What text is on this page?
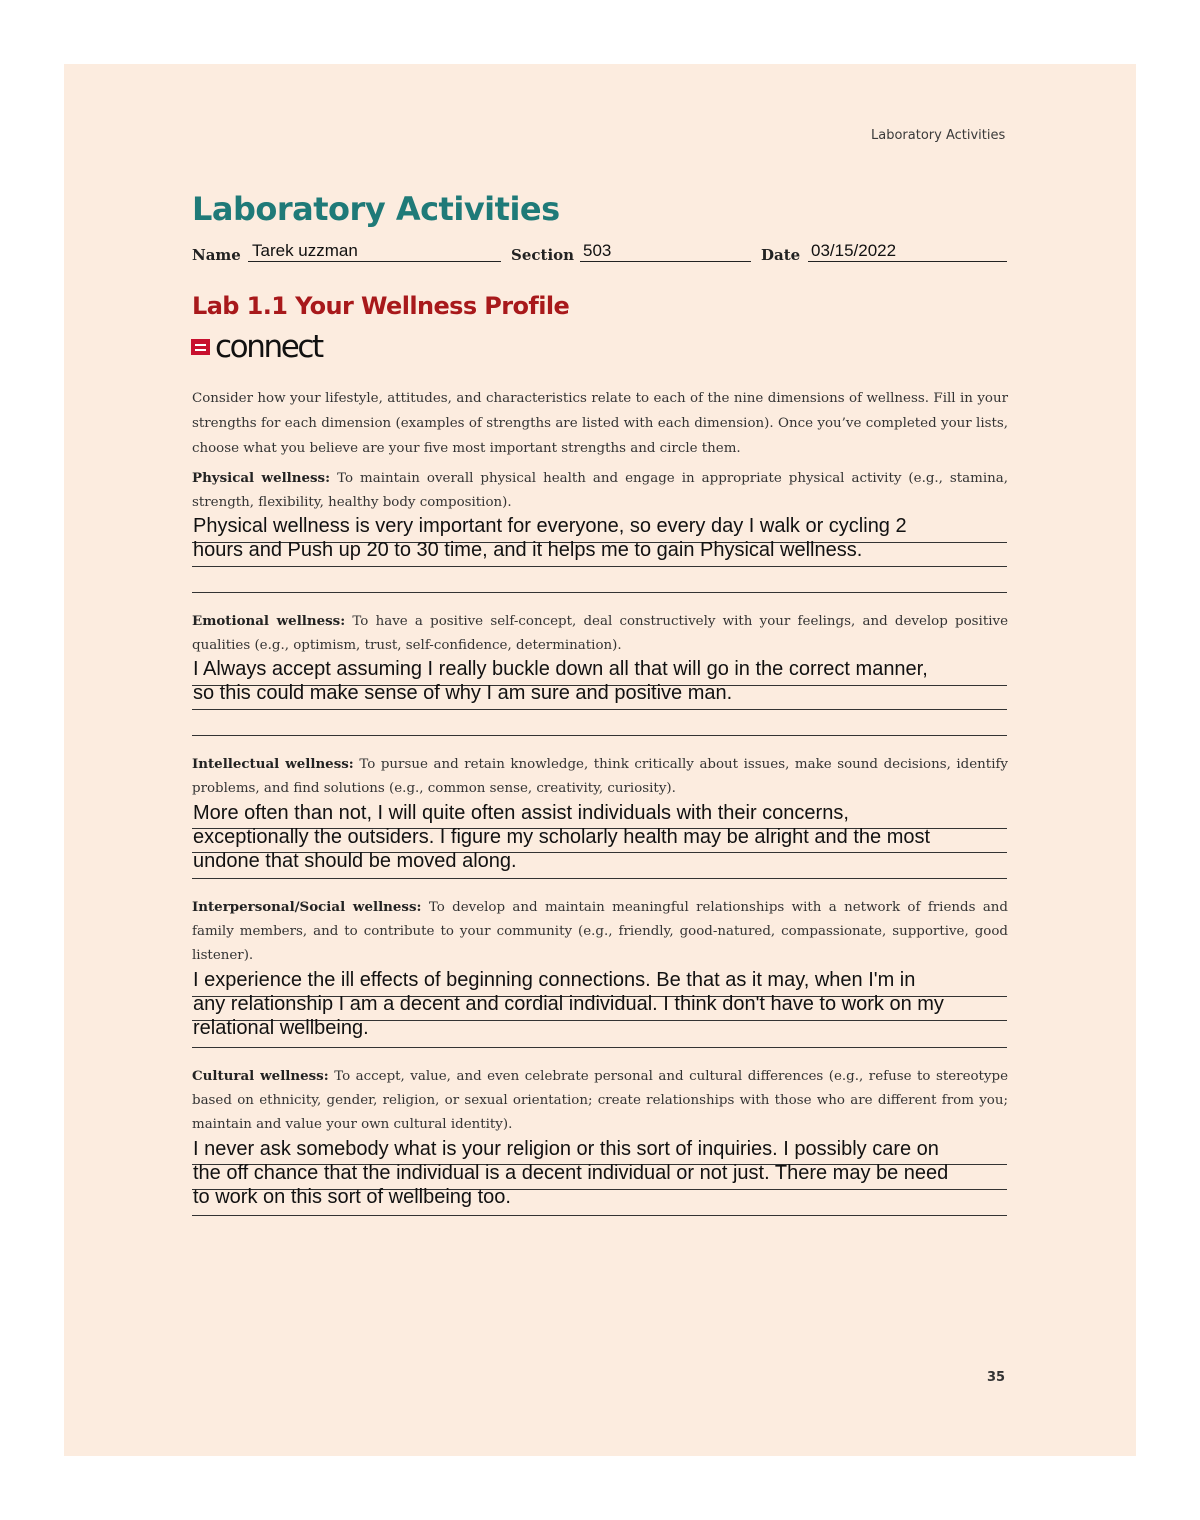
Laboratory Activities
Laboratory Activities
Name Tarek uzzman	Section 503	Date 03/15/2022
Lab 1.1 Your Wellness Profile
connect
Consider how your lifestyle, attitudes, and characteristics relate to each of the nine dimensions of wellness. Fill in your strengths for each dimension (examples of strengths are listed with each dimension). Once you’ve completed your lists, choose what you believe are your five most important strengths and circle them.
Physical wellness: To maintain overall physical health and engage in appropriate physical activity (e.g., stamina, strength, flexibility, healthy body composition).
Physical wellness is very important for everyone, so every day I walk or cycling 2
hours and Push up 20 to 30 time, and it helps me to gain Physical wellness.
Emotional wellness: To have a positive self-concept, deal constructively with your feelings, and develop positive qualities (e.g., optimism, trust, self-confidence, determination).
I Always accept assuming I really buckle down all that will go in the correct manner,
so this could make sense of why I am sure and positive man.
Intellectual wellness: To pursue and retain knowledge, think critically about issues, make sound decisions, identify problems, and find solutions (e.g., common sense, creativity, curiosity).
More often than not, I will quite often assist individuals with their concerns,
exceptionally the outsiders. I figure my scholarly health may be alright and the most
undone that should be moved along.
Interpersonal/Social wellness: To develop and maintain meaningful relationships with a network of friends and family members, and to contribute to your community (e.g., friendly, good-natured, compassionate, supportive, good listener).
I experience the ill effects of beginning connections. Be that as it may, when I'm in
any relationship I am a decent and cordial individual. I think don't have to work on my
relational wellbeing.
Cultural wellness: To accept, value, and even celebrate personal and cultural differences (e.g., refuse to stereotype based on ethnicity, gender, religion, or sexual orientation; create relationships with those who are different from you; maintain and value your own cultural identity).
I never ask somebody what is your religion or this sort of inquiries. I possibly care on
the off chance that the individual is a decent individual or not just. There may be need
to work on this sort of wellbeing too.
35
